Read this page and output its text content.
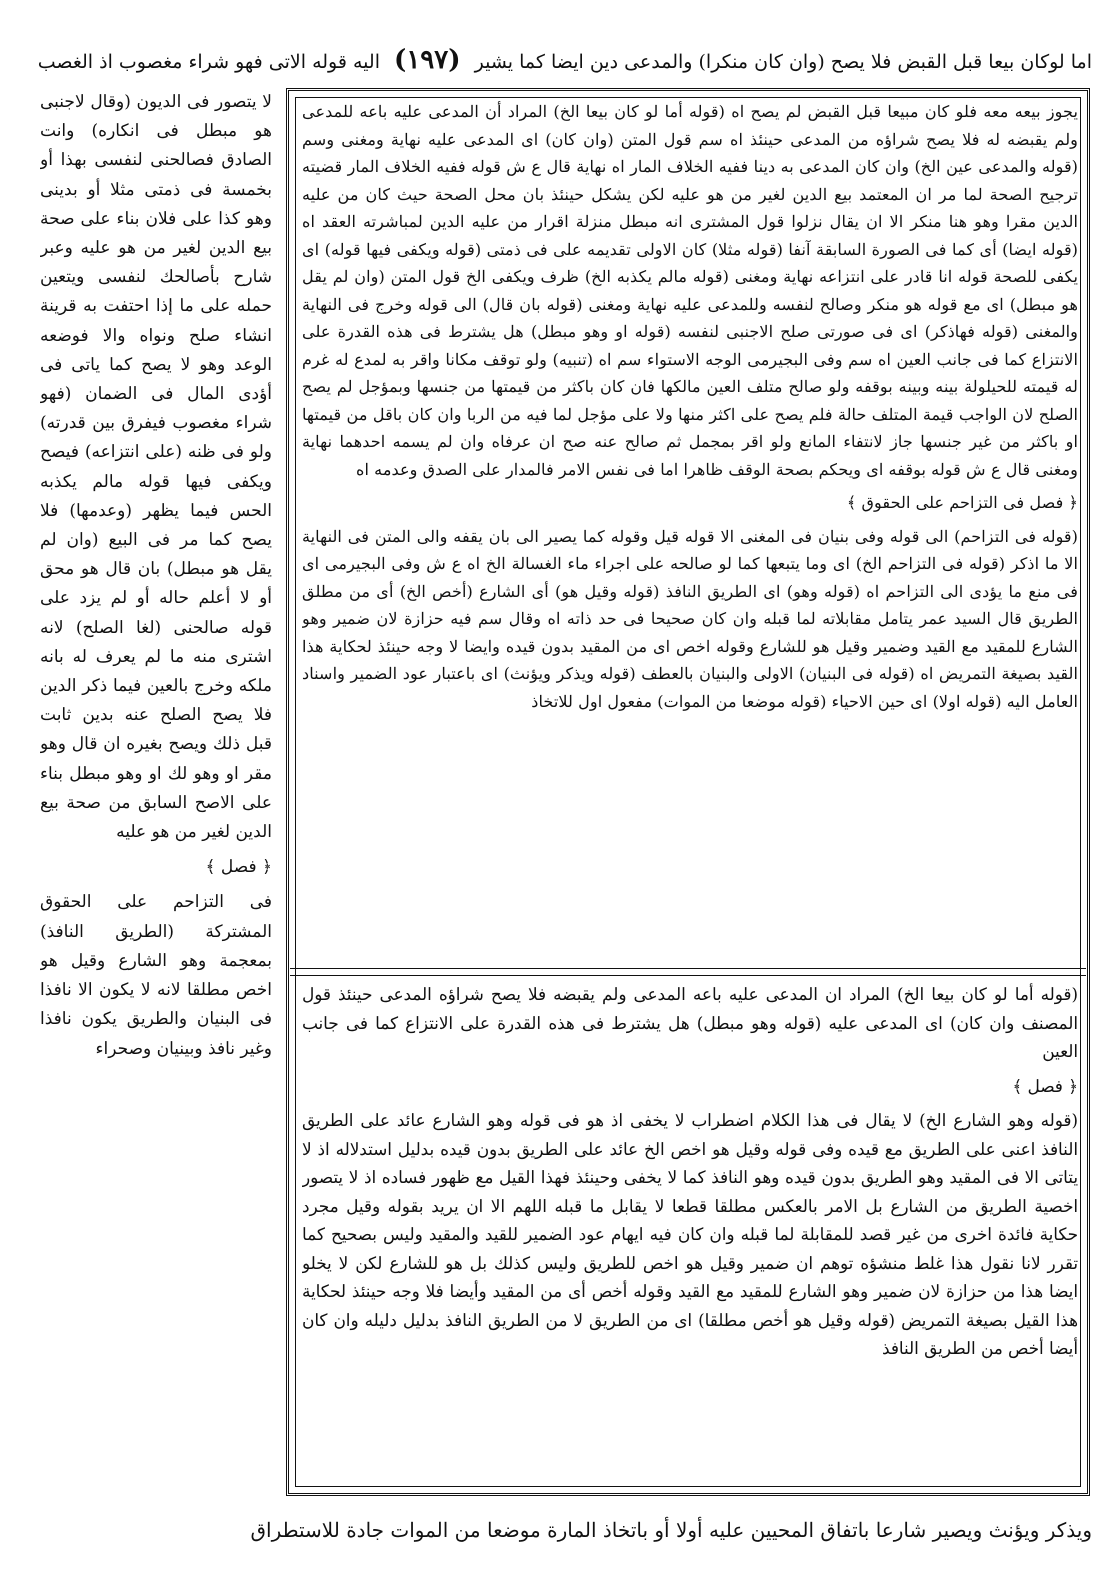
اما لوكان بيعا قبل القبض فلا يصح (وان كان منكرا) والمدعى دين ايضا كما يشير (١٩٧) اليه قوله الاتى فهو شراء مغصوب اذ الغصب

يجوز بيعه معه فلو كان مبيعا قبل القبض لم يصح اه (قوله أما لو كان بيعا الخ) المراد أن المدعى عليه باعه للمدعى ولم يقبضه له فلا يصح شراؤه من المدعى حينئذ اه سم قول المتن (وان كان) اى المدعى عليه نهاية ومغنى وسم (قوله والمدعى عين الخ) وان كان المدعى به دينا ففيه الخلاف المار اه نهاية قال ع ش قوله ففيه الخلاف المار قضيته ترجيح الصحة لما مر ان المعتمد بيع الدين لغير من هو عليه لكن يشكل حينئذ بان محل الصحة حيث كان من عليه الدين مقرا وهو هنا منكر الا ان يقال نزلوا قول المشترى انه مبطل منزلة اقرار من عليه الدين لمباشرته العقد اه (قوله ايضا) أى كما فى الصورة السابقة آنفا (قوله مثلا) كان الاولى تقديمه على فى ذمتى (قوله ويكفى فيها قوله) اى يكفى للصحة قوله انا قادر على انتزاعه نهاية ومغنى (قوله مالم يكذبه الخ) ظرف ويكفى الخ قول المتن (وان لم يقل هو مبطل) اى مع قوله هو منكر وصالح لنفسه وللمدعى عليه نهاية ومغنى (قوله بان قال) الى قوله وخرج فى النهاية والمغنى (قوله فهاذكر) اى فى صورتى صلح الاجنبى لنفسه (قوله او وهو مبطل) هل يشترط فى هذه القدرة على الانتزاع كما فى جانب العين اه سم وفى البجيرمى الوجه الاستواء سم اه (تنبيه) ولو توقف مكانا واقر به لمدع له غرم له قيمته للحيلولة بينه وبينه بوقفه ولو صالح متلف العين مالكها فان كان باكثر من قيمتها من جنسها وبمؤجل لم يصح الصلح لان الواجب قيمة المتلف حالة فلم يصح على اكثر منها ولا على مؤجل لما فيه من الربا وان كان باقل من قيمتها او باكثر من غير جنسها جاز لانتفاء المانع ولو اقر بمجمل ثم صالح عنه صح ان عرفاه وان لم يسمه احدهما نهاية ومغنى قال ع ش قوله بوقفه اى ويحكم بصحة الوقف ظاهرا اما فى نفس الامر فالمدار على الصدق وعدمه اه

﴿ فصل فى التزاحم على الحقوق ﴾

(قوله فى التزاحم) الى قوله وفى بنيان فى المغنى الا قوله قيل وقوله كما يصير الى بان يقفه والى المتن فى النهاية الا ما اذكر (قوله فى التزاحم الخ) اى وما يتبعها كما لو صالحه على اجراء ماء الغسالة الخ اه ع ش وفى البجيرمى اى فى منع ما يؤدى الى التزاحم اه (قوله وهو) اى الطريق النافذ (قوله وقيل هو) أى الشارع (أخص الخ) أى من مطلق الطريق قال السيد عمر يتامل مقابلاته لما قبله وان كان صحيحا فى حد ذاته اه وقال سم فيه حزازة لان ضمير وهو الشارع للمقيد مع القيد وضمير وقيل هو للشارع وقوله اخص اى من المقيد بدون قيده وايضا لا وجه حينئذ لحكاية هذا القيد بصيغة التمريض اه (قوله فى البنيان) الاولى والبنيان بالعطف (قوله ويذكر ويؤنث) اى باعتبار عود الضمير واسناد العامل اليه (قوله اولا) اى حين الاحياء (قوله موضعا من الموات) مفعول اول للاتخاذ

(قوله أما لو كان بيعا الخ) المراد ان المدعى عليه باعه المدعى ولم يقبضه فلا يصح شراؤه المدعى حينئذ قول المصنف وان كان) اى المدعى عليه (قوله وهو مبطل) هل يشترط فى هذه القدرة على الانتزاع كما فى جانب العين

﴿ فصل ﴾

(قوله وهو الشارع الخ) لا يقال فى هذا الكلام اضطراب لا يخفى اذ هو فى قوله وهو الشارع عائد على الطريق النافذ اعنى على الطريق مع قيده وفى قوله وقيل هو اخص الخ عائد على الطريق بدون قيده بدليل استدلاله اذ لا يتاتى الا فى المقيد وهو الطريق بدون قيده وهو النافذ كما لا يخفى وحينئذ فهذا القيل مع ظهور فساده اذ لا يتصور اخصية الطريق من الشارع بل الامر بالعكس مطلقا قطعا لا يقابل ما قبله اللهم الا ان يريد بقوله وقيل مجرد حكاية فائدة اخرى من غير قصد للمقابلة لما قبله وان كان فيه ايهام عود الضمير للقيد والمقيد وليس بصحيح كما تقرر لانا نقول هذا غلط منشؤه توهم ان ضمير وقيل هو اخص للطريق وليس كذلك بل هو للشارع لكن لا يخلو ايضا هذا من حزازة لان ضمير وهو الشارع للمقيد مع القيد وقوله أخص أى من المقيد وأيضا فلا وجه حينئذ لحكاية هذا القيل بصيغة التمريض (قوله وقيل هو أخص مطلقا) اى من الطريق لا من الطريق النافذ بدليل دليله وان كان أيضا أخص من الطريق النافذ

لا يتصور فى الديون (وقال لاجنبى هو مبطل فى انكاره) وانت الصادق فصالحنى لنفسى بهذا أو بخمسة فى ذمتى مثلا أو بدينى وهو كذا على فلان بناء على صحة بيع الدين لغير من هو عليه وعبر شارح بأصالحك لنفسى ويتعين حمله على ما إذا احتفت به قرينة انشاء صلح ونواه والا فوضعه الوعد وهو لا يصح كما ياتى فى أؤدى المال فى الضمان (فهو شراء مغصوب فيفرق بين قدرته) ولو فى ظنه (على انتزاعه) فيصح ويكفى فيها قوله مالم يكذبه الحس فيما يظهر (وعدمها) فلا يصح كما مر فى البيع (وان لم يقل هو مبطل) بان قال هو محق أو لا أعلم حاله أو لم يزد على قوله صالحنى (لغا الصلح) لانه اشترى منه ما لم يعرف له بانه ملكه وخرج بالعين فيما ذكر الدين فلا يصح الصلح عنه بدين ثابت قبل ذلك ويصح بغيره ان قال وهو مقر او وهو لك او وهو مبطل بناء على الاصح السابق من صحة بيع الدين لغير من هو عليه

﴿ فصل ﴾

فى التزاحم على الحقوق المشتركة (الطريق النافذ) بمعجمة وهو الشارع وقيل هو اخص مطلقا لانه لا يكون الا نافذا فى البنيان والطريق يكون نافذا وغير نافذ وبينيان وصحراء

ويذكر ويؤنث ويصير شارعا باتفاق المحيين عليه أولا أو باتخاذ المارة موضعا من الموات جادة للاستطراق
